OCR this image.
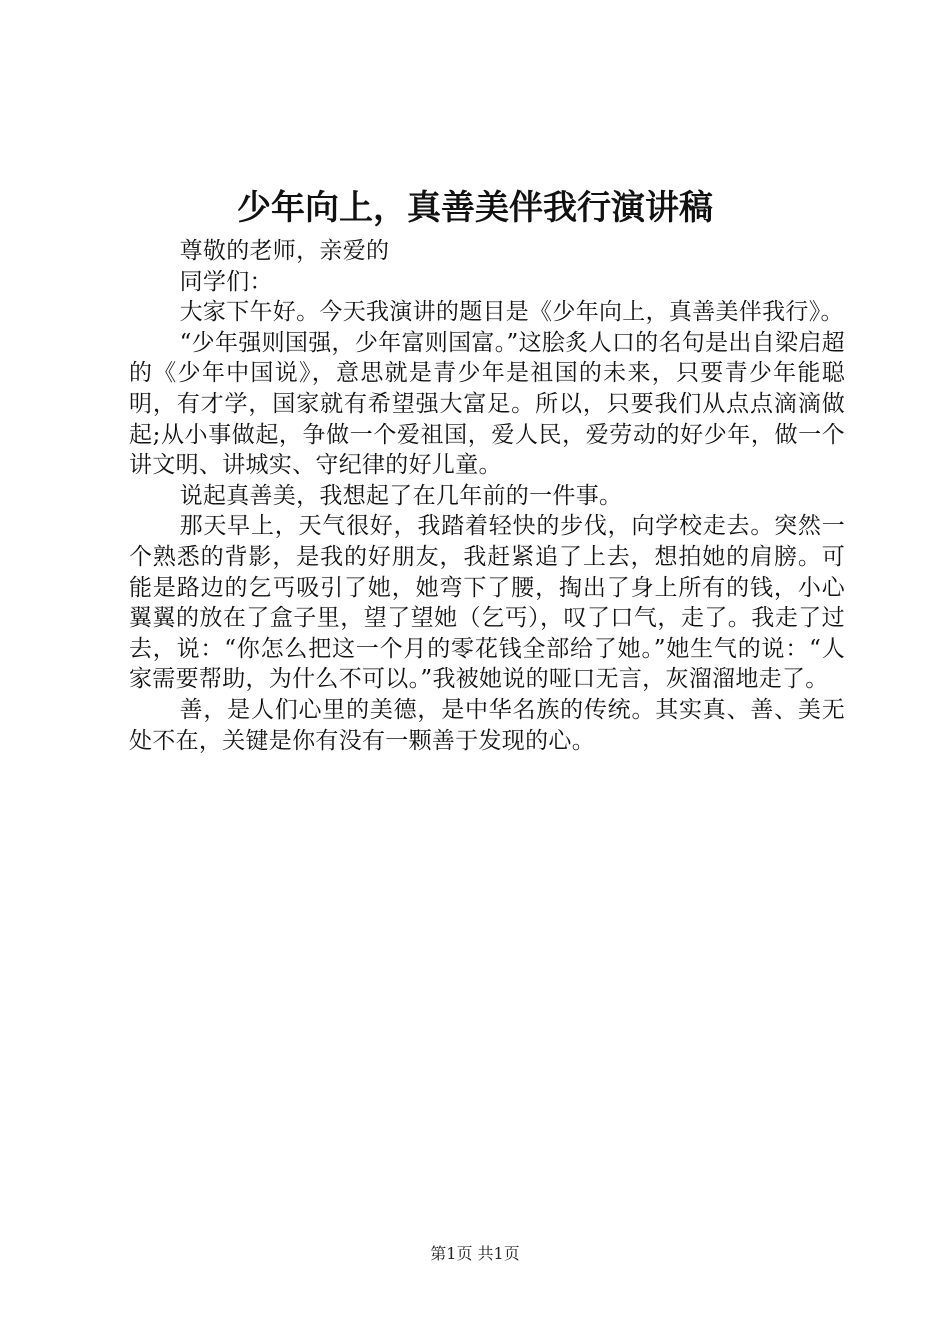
少年向上，真善美伴我行演讲稿

尊敬的老师，亲爱的

同学们：

大家下午好。今天我演讲的题目是《少年向上，真善美伴我行》。

“少年强则国强，少年富则国富。”这脍炙人口的名句是出自梁启超的《少年中国说》，意思就是青少年是祖国的未来，只要青少年能聪明，有才学，国家就有希望强大富足。所以，只要我们从点点滴滴做起;从小事做起，争做一个爱祖国，爱人民，爱劳动的好少年，做一个讲文明、讲城实、守纪律的好儿童。

说起真善美，我想起了在几年前的一件事。

那天早上，天气很好，我踏着轻快的步伐，向学校走去。突然一个熟悉的背影，是我的好朋友，我赶紧追了上去，想拍她的肩膀。可能是路边的乞丐吸引了她，她弯下了腰，掏出了身上所有的钱，小心翼翼的放在了盒子里，望了望她（乞丐），叹了口气，走了。我走了过去，说：“你怎么把这一个月的零花钱全部给了她。”她生气的说：“人家需要帮助，为什么不可以。”我被她说的哑口无言，灰溜溜地走了。

善，是人们心里的美德，是中华名族的传统。其实真、善、美无处不在，关键是你有没有一颗善于发现的心。

第1页 共1页
